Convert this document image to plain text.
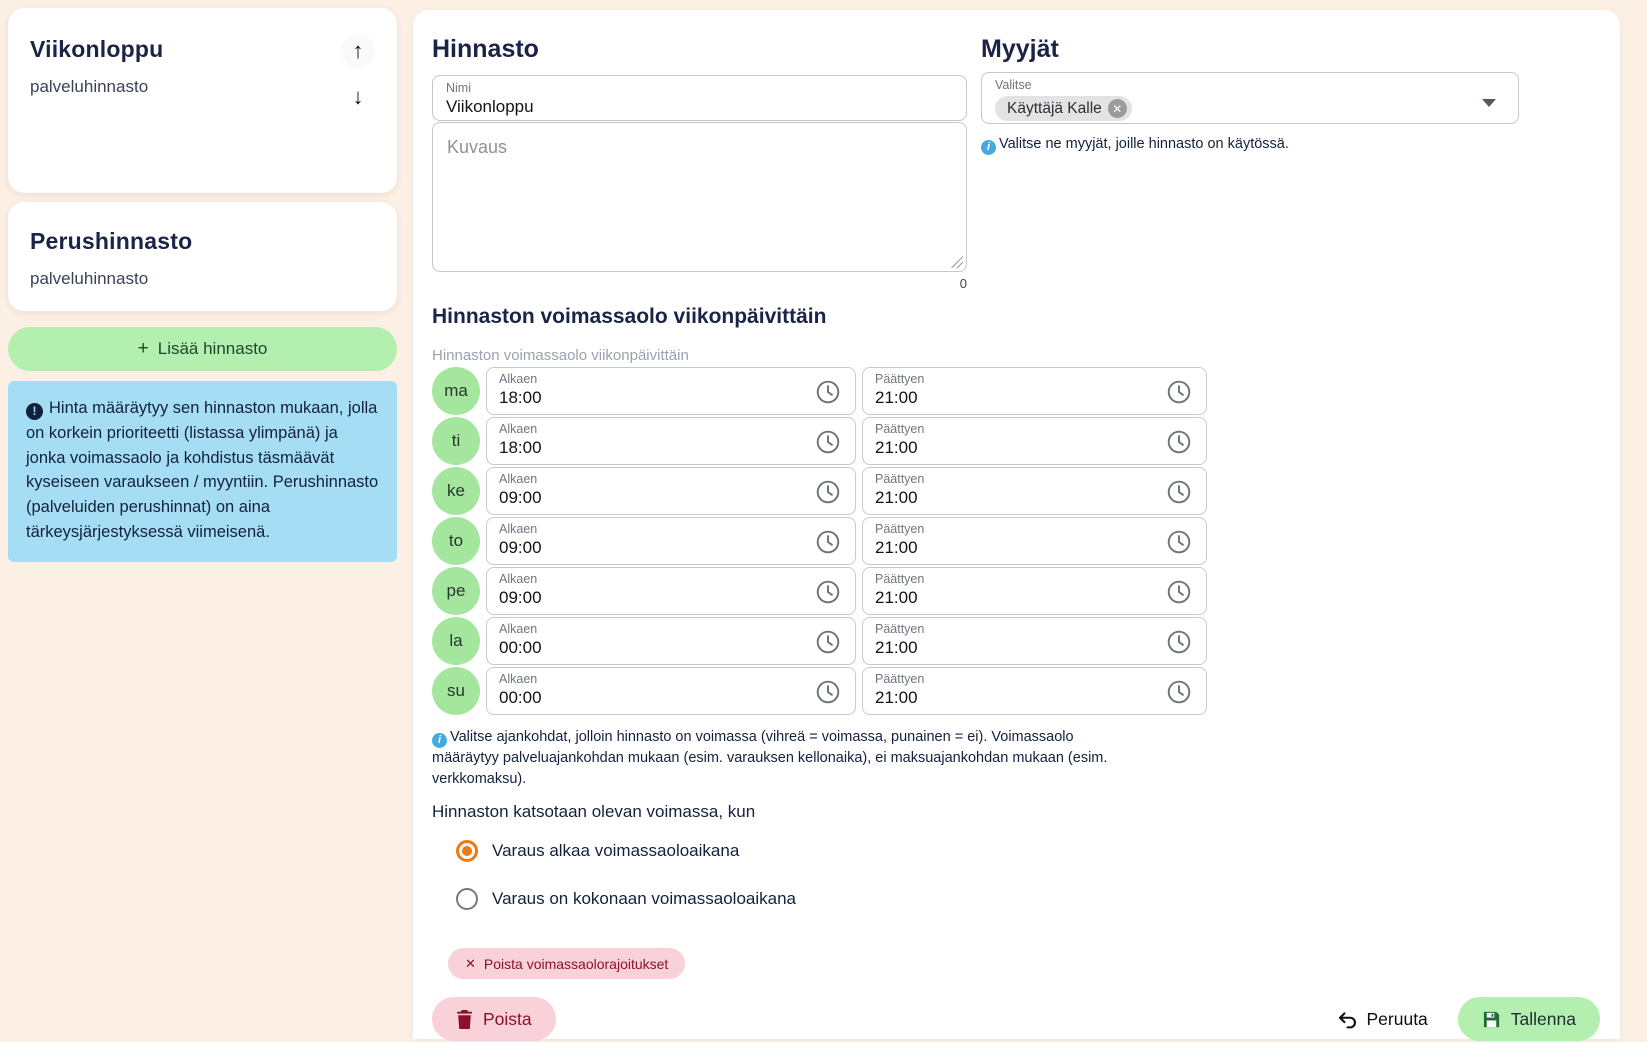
Viikonloppu
palveluhinnasto
↑
↓
Perushinnasto
palveluhinnasto
+ Lisää hinnasto
! Hinta määräytyy sen hinnaston mukaan, jolla on korkein prioriteetti (listassa ylimpänä) ja jonka voimassaolo ja kohdistus täsmäävät kyseiseen varaukseen / myyntiin. Perushinnasto (palveluiden perushinnat) on aina tärkeysjärjestyksessä viimeisenä.
Hinnasto
Nimi
Viikonloppu
Kuvaus
0
Myyjät
Valitse
Käyttäjä Kalle ✕
i Valitse ne myyjät, joille hinnasto on käytössä.
Hinnaston voimassaolo viikonpäivittäin
Hinnaston voimassaolo viikonpäivittäin
ma
Alkaen
18:00
Päättyen
21:00
ti
Alkaen
18:00
Päättyen
21:00
ke
Alkaen
09:00
Päättyen
21:00
to
Alkaen
09:00
Päättyen
21:00
pe
Alkaen
09:00
Päättyen
21:00
la
Alkaen
00:00
Päättyen
21:00
su
Alkaen
00:00
Päättyen
21:00
i Valitse ajankohdat, jolloin hinnasto on voimassa (vihreä = voimassa, punainen = ei). Voimassaolo määräytyy palveluajankohdan mukaan (esim. varauksen kellonaika), ei maksuajankohdan mukaan (esim. verkkomaksu).
Hinnaston katsotaan olevan voimassa, kun
Varaus alkaa voimassaoloaikana
Varaus on kokonaan voimassaoloaikana
✕ Poista voimassaolorajoitukset
Poista	Peruuta	Tallenna
